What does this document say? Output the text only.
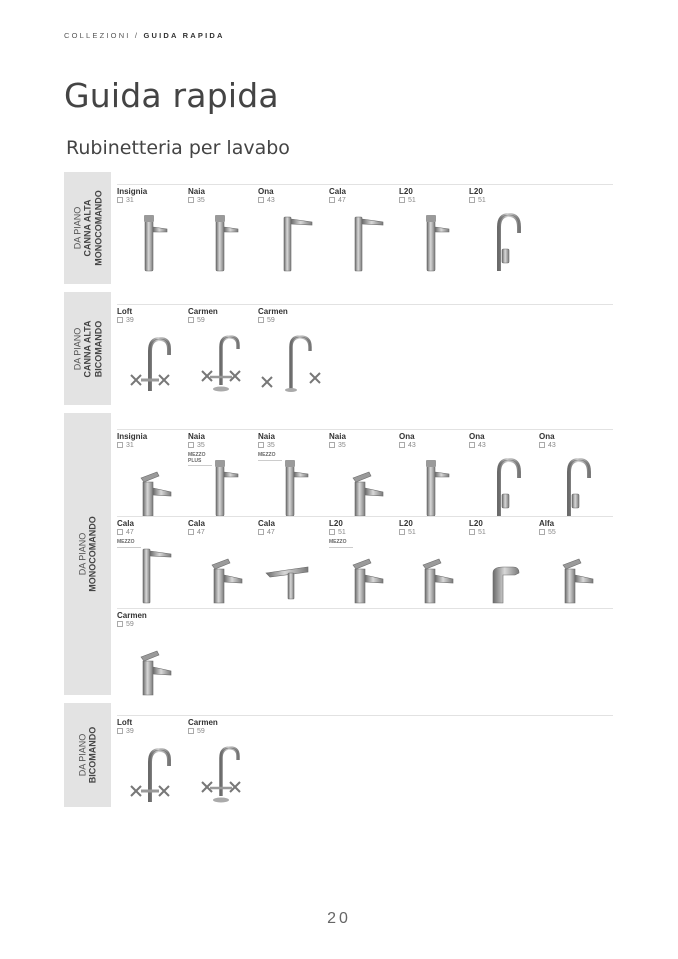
COLLEZIONI / GUIDA RAPIDA
Guida rapida
Rubinetteria per lavabo
DA PIANO CANNA ALTA MONOCOMANDO Insignia
31
Naia
35
Ona
43
Cala
47
L20
51
L20
51
DA PIANO CANNA ALTA BICOMANDO
Loft
39
Carmen
59
Carmen
59
DA PIANO MONOCOMANDO
Insignia
31
Naia
35
MEZZO PLUS
Naia
35
MEZZO
Naia
35
Ona
43
Ona
43
Ona
43
Cala
47
MEZZO
Cala
47
Cala
47
L20
51
MEZZO
L20
51
L20
51
Alfa
55
Carmen
59
DA PIANO BICOMANDO
Loft
39
Carmen
59
20
